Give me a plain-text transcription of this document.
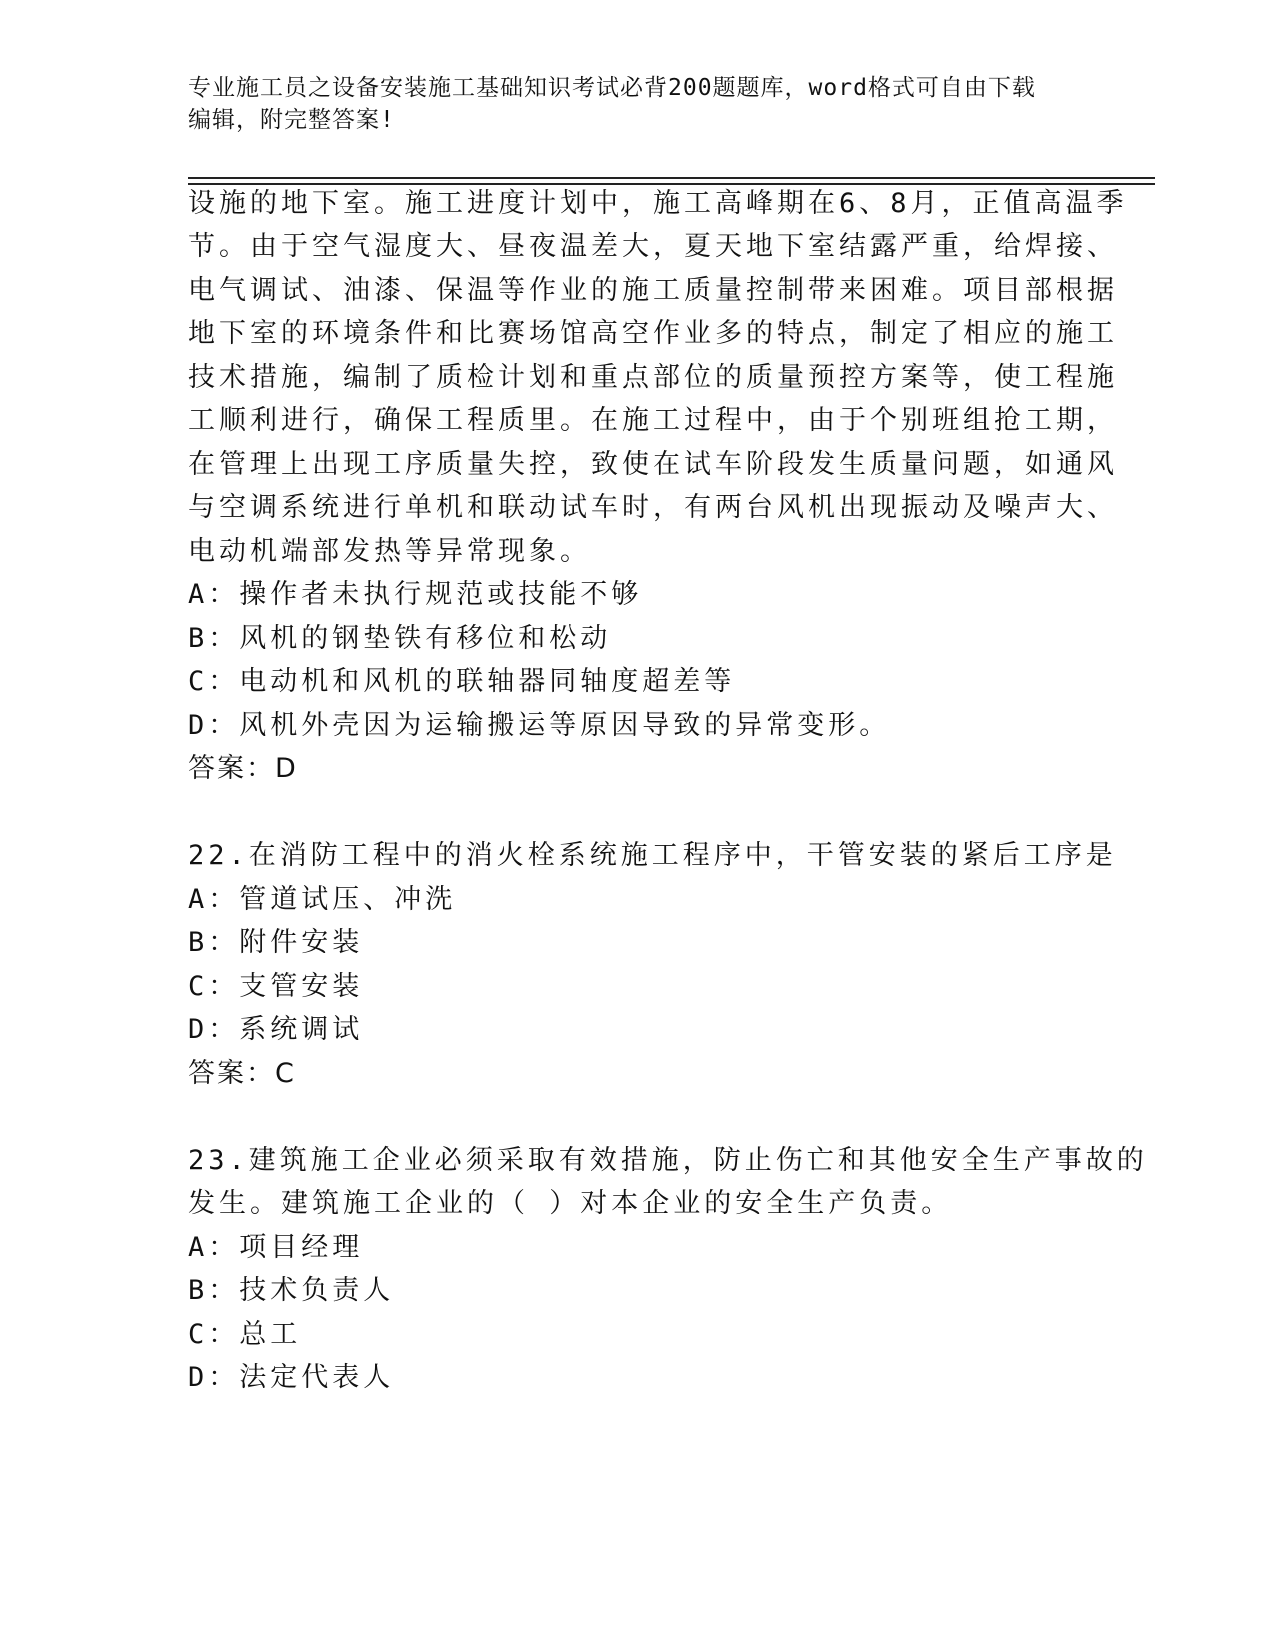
专业施工员之设备安装施工基础知识考试必背200题题库，word格式可自由下载
编辑，附完整答案!
设施的地下室。施工进度计划中，施工高峰期在6、8月，正值高温季
节。由于空气湿度大、昼夜温差大，夏天地下室结露严重，给焊接、
电气调试、油漆、保温等作业的施工质量控制带来困难。项目部根据
地下室的环境条件和比赛场馆高空作业多的特点，制定了相应的施工
技术措施，编制了质检计划和重点部位的质量预控方案等，使工程施
工顺利进行，确保工程质里。在施工过程中，由于个别班组抢工期，
在管理上出现工序质量失控，致使在试车阶段发生质量问题，如通风
与空调系统进行单机和联动试车时，有两台风机出现振动及噪声大、
电动机端部发热等异常现象。
A：操作者未执行规范或技能不够
B：风机的钢垫铁有移位和松动
C：电动机和风机的联轴器同轴度超差等
D：风机外壳因为运输搬运等原因导致的异常变形。
答案：D
22.在消防工程中的消火栓系统施工程序中，干管安装的紧后工序是
A：管道试压、冲洗
B：附件安装
C：支管安装
D：系统调试
答案：C
23.建筑施工企业必须采取有效措施，防止伤亡和其他安全生产事故的
发生。建筑施工企业的（ ）对本企业的安全生产负责。
A：项目经理
B：技术负责人
C：总工
D：法定代表人
